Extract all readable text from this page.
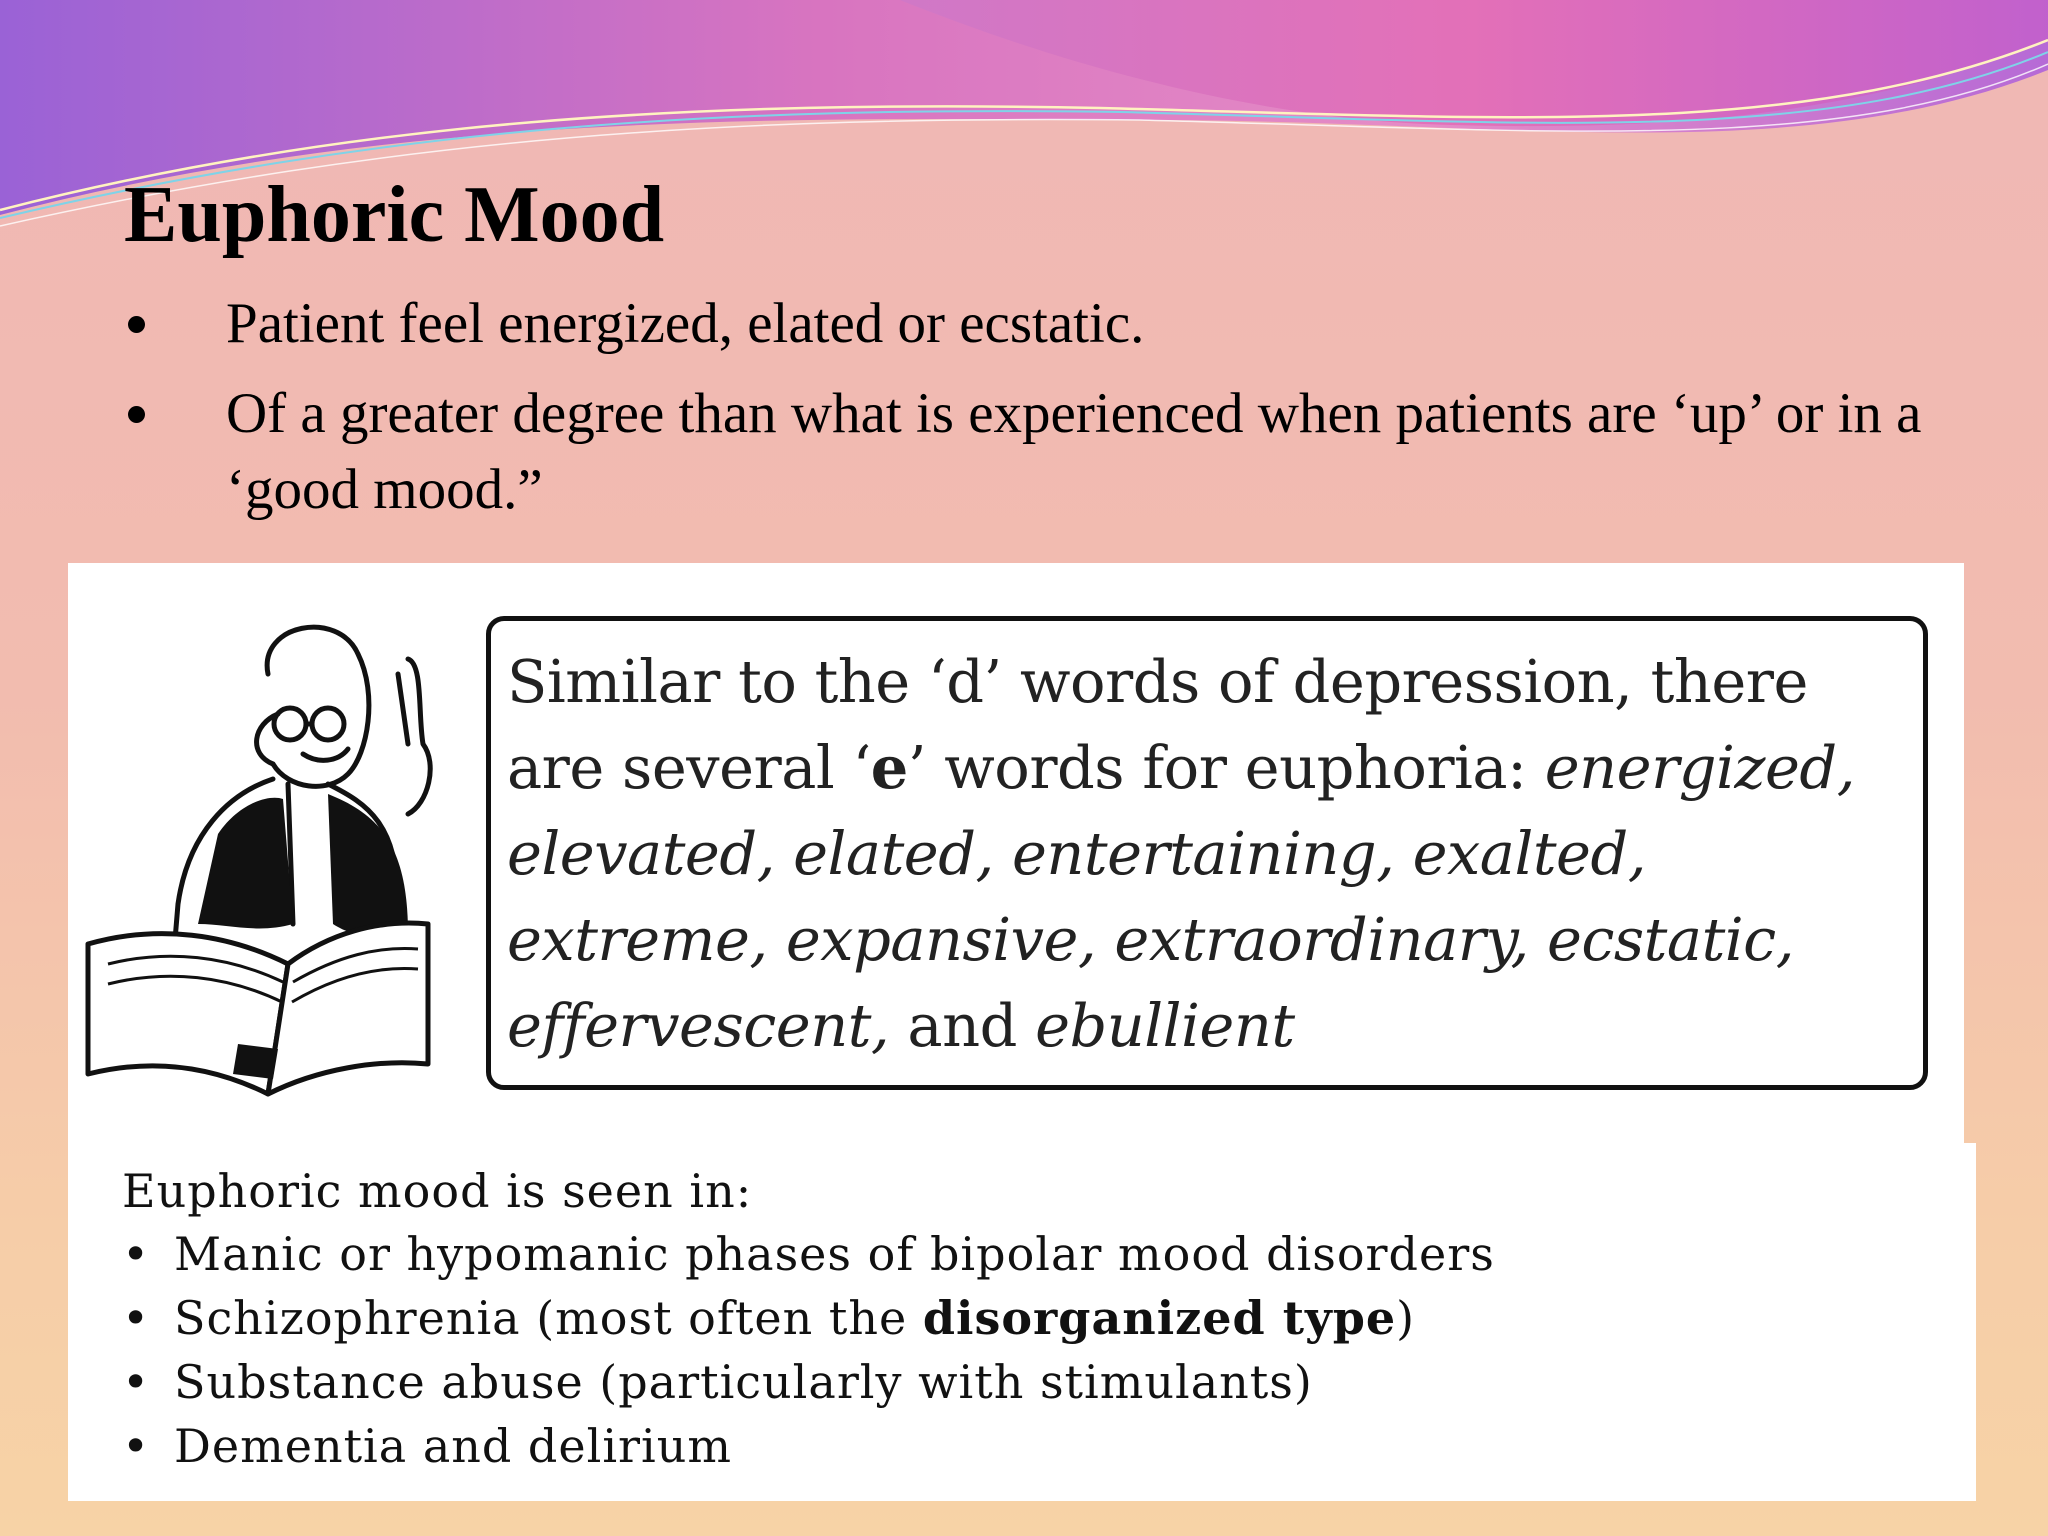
Euphoric Mood
Patient feel energized, elated or ecstatic.
Of a greater degree than what is experienced when patients are ‘up’ or in a ‘good mood.”

Similar to the ‘d’ words of depression, there are several ‘e’ words for euphoria: energized, elevated, elated, entertaining, exalted, extreme, expansive, extraordinary, ecstatic, effervescent, and ebullient

Euphoric mood is seen in:
• Manic or hypomanic phases of bipolar mood disorders
• Schizophrenia (most often the disorganized type)
• Substance abuse (particularly with stimulants)
• Dementia and delirium
